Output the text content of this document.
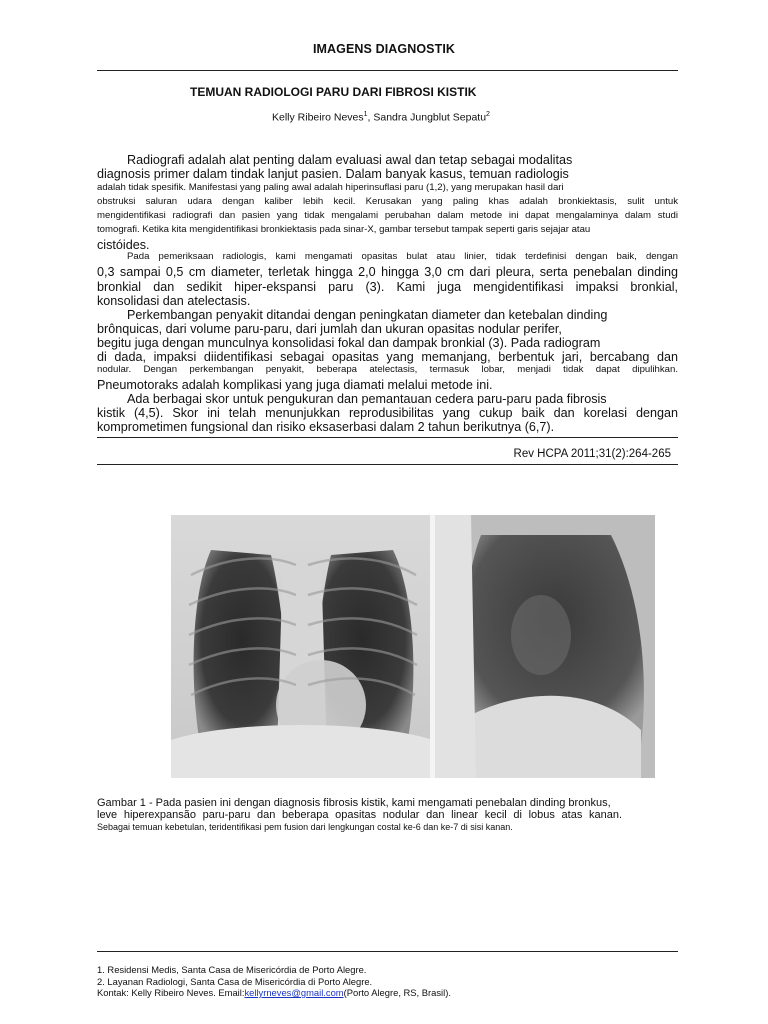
IMAGENS DIAGNOSTIK
TEMUAN RADIOLOGI PARU DARI FIBROSI KISTIK
Kelly Ribeiro Neves$^1$, Sandra Jungblut Sepatu$^2$
Radiografi adalah alat penting dalam evaluasi awal dan tetap sebagai modalitas
diagnosis primer dalam tindak lanjut pasien. Dalam banyak kasus, temuan radiologis
adalah tidak spesifik. Manifestasi yang paling awal adalah hiperinsuflasi paru (1,2), yang merupakan hasil dari
obstruksi saluran udara dengan kaliber lebih kecil. Kerusakan yang paling khas adalah bronkiektasis, sulit untuk
mengidentifikasi radiografi dan pasien yang tidak mengalami perubahan dalam metode ini dapat mengalaminya dalam studi
tomografi. Ketika kita mengidentifikasi bronkiektasis pada sinar-X, gambar tersebut tampak seperti garis sejajar atau
cistóides.
Pada pemeriksaan radiologis, kami mengamati opasitas bulat atau linier, tidak terdefinisi dengan baik, dengan
0,3 sampai 0,5 cm diameter, terletak hingga 2,0 hingga 3,0 cm dari pleura, serta penebalan dinding
bronkial dan sedikit hiper-ekspansi paru (3). Kami juga mengidentifikasi impaksi bronkial,
konsolidasi dan atelectasis.
Perkembangan penyakit ditandai dengan peningkatan diameter dan ketebalan dinding
brônquicas, dari volume paru-paru, dari jumlah dan ukuran opasitas nodular perifer,
begitu juga dengan munculnya konsolidasi fokal dan dampak bronkial (3). Pada radiogram
di dada, impaksi diidentifikasi sebagai opasitas yang memanjang, berbentuk jari, bercabang dan
nodular. Dengan perkembangan penyakit, beberapa atelectasis, termasuk lobar, menjadi tidak dapat dipulihkan.
Pneumotoraks adalah komplikasi yang juga diamati melalui metode ini.
Ada berbagai skor untuk pengukuran dan pemantauan cedera paru-paru pada fibrosis
kistik (4,5). Skor ini telah menunjukkan reprodusibilitas yang cukup baik dan korelasi dengan
komprometimen fungsional dan risiko eksaserbasi dalam 2 tahun berikutnya (6,7).
Rev HCPA 2011;31(2):264-265
Gambar 1 - Pada pasien ini dengan diagnosis fibrosis kistik, kami mengamati penebalan dinding bronkus,
leve hiperexpansão paru-paru dan beberapa opasitas nodular dan linear kecil di lobus atas kanan.
Sebagai temuan kebetulan, teridentifikasi pem fusion dari lengkungan costal ke-6 dan ke-7 di sisi kanan.
1. Residensi Medis, Santa Casa de Misericórdia de Porto Alegre.
2. Layanan Radiologi, Santa Casa de Misericórdia di Porto Alegre.
Kontak: Kelly Ribeiro Neves. Email:kellyrneves@gmail.com(Porto Alegre, RS, Brasil).
